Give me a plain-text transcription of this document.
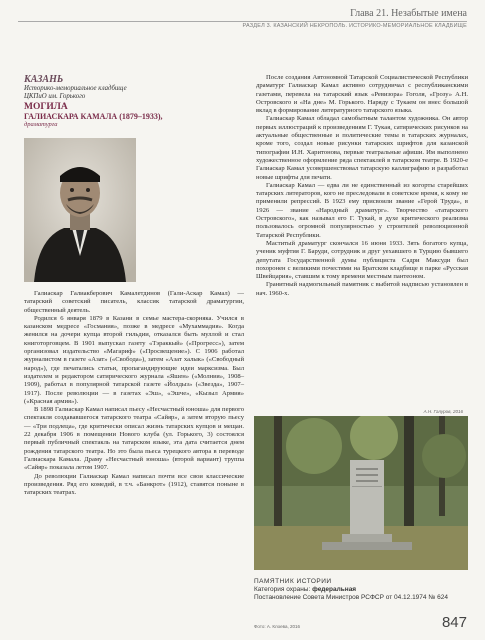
Глава 21. Незабытые имена
РАЗДЕЛ 3. КАЗАНСКИЙ НЕКРОПОЛЬ. ИСТОРИКО-МЕМОРИАЛЬНОЕ КЛАДБИЩЕ
КАЗАНЬ
Историко-мемориальное кладбище
ЦКПиО им. Горького
МОГИЛА
ГАЛИАСКАРА КАМАЛА (1879–1933),
драматурга

Галиаскар Галиакберович Камалетдинов (Гали-Аскар Камал) — татарский советский писатель, классик татарской драматургии, общественный деятель.

Родился 6 января 1879 в Казани в семье мастера-скорняка. Учился в казанском медресе «Госмания», позже в медресе «Мухаммадия». Когда женился на дочери купца второй гильдии, отказался быть муллой и стал книготорговцем. В 1901 выпускал газету «Тэраккый» («Прогресс»), затем организовал издательство «Магариф» («Просвещение»). С 1906 работал журналистом в газете «Азат» («Свобода»), затем «Азат халык» («Свободный народ»), где печатались статьи, пропагандирующие идеи марксизма. Был издателем и редактором сатирического журнала «Яшен» («Молния», 1908–1909), работал в популярной татарской газете «Йолдыз» («Звезда», 1907–1917). После революции — в газетах «Эш», «Эшче», «Кызыл Армия» («Красная армия»).

В 1898 Галиаскар Камал написал пьесу «Несчастный юноша» для первого спектакля создававшегося татарского театра «Сайяр», а затем вторую пьесу — «Три подлеца», где критически описал жизнь татарских купцов и мещан. 22 декабря 1906 в помещении Нового клуба (ул. Горького, 3) состоялся первый публичный спектакль на татарском языке, эта дата считается днем рождения татарского театра. Но это была пьеса турецкого автора в переводе Галиаскара Камала. Драму «Несчастный юноша» (второй вариант) труппа «Сайяр» показала летом 1907.

До революции Галиаскар Камал написал почти все свои классические произведения. Ряд его комедий, в т.ч. «Банкрот» (1912), ставятся поныне в татарских театрах.

После создания Автономной Татарской Социалистической Республики драматург Галиаскар Камал активно сотрудничал с республиканскими газетами, перевела на татарский язык «Ревизора» Гоголя, «Грозу» А.Н. Островского и «На дне» М. Горького. Наряду с Тукаем он внес большой вклад в формирование литературного татарского языка.

Галиаскар Камал обладал самобытным талантом художника. Он автор первых иллюстраций к произведениям Г. Тукая, сатирических рисунков на актуальные общественные и политические темы в татарских журналах, кроме того, создал новые рисунки татарских шрифтов для казанской типографии И.Н. Харитонова, первые театральные афиши. Им выполнено художественное оформление ряда спектаклей в татарском театре. В 1920-е Галиаскар Камал усовершенствовал татарскую каллиграфию и разработал новые шрифты для печати.

Галиаскар Камал — едва ли не единственный из когорты старейших татарских литераторов, кого не преследовали в советское время, к кому не применили репрессий. В 1923 ему присвоили звание «Герой Труда», в 1926 — звание «Народный драматург». Творчество «татарского Островского», как называл его Г. Тукай, в духе критического реализма пользовалось огромной популярностью у строителей революционной Татарской Республики.

Маститый драматург скончался 16 июня 1933. Зять богатого купца, ученик муфтия Г. Баруди, сотрудник и друг уехавшего в Турцию бывшего депутата Государственной думы публициста Садри Максуди был похоронен с великими почестями на Братском кладбище в парке «Русская Швейцария», ставшим к тому времени местным пантеоном.

Гранитный надмогильный памятник с выбитой надписью установлен в нач. 1960-х.

А.Н. Галуров, 2016
ПАМЯТНИК ИСТОРИИ
Категория охраны: федеральная
Постановление Совета Министров РСФСР от 04.12.1974 № 624
Фото: А. Клоева, 2016	847
